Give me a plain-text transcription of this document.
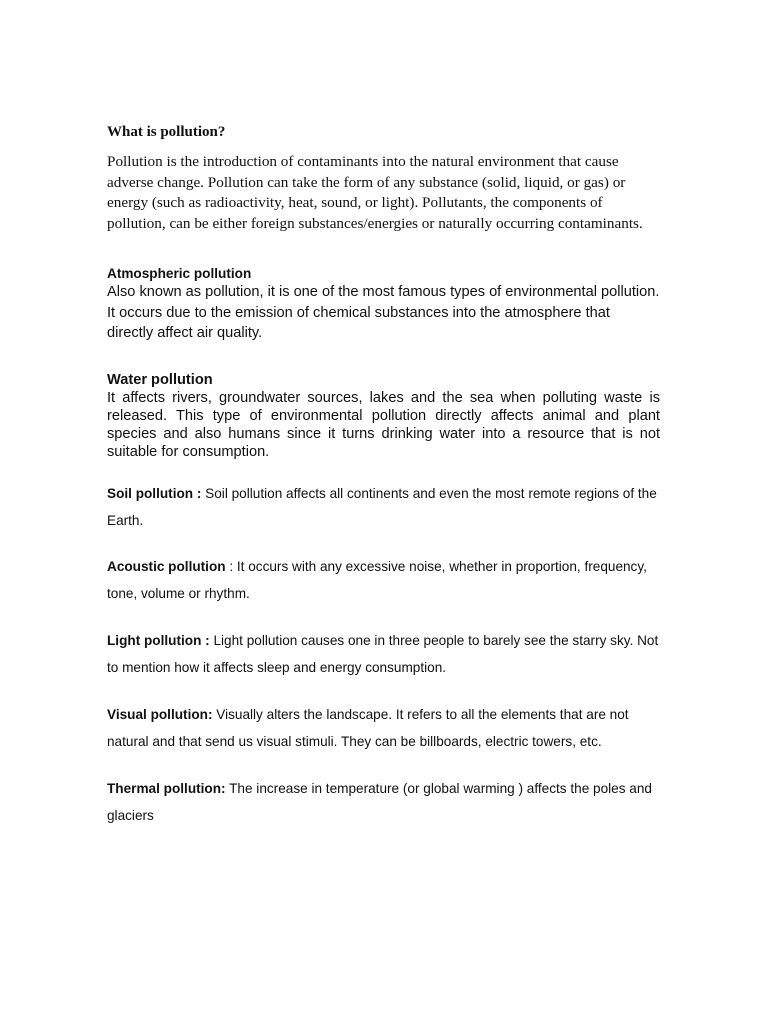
What is pollution?

Pollution is the introduction of contaminants into the natural environment that cause adverse change. Pollution can take the form of any substance (solid, liquid, or gas) or energy (such as radioactivity, heat, sound, or light). Pollutants, the components of pollution, can be either foreign substances/energies or naturally occurring contaminants.

Atmospheric pollution

Also known as pollution, it is one of the most famous types of environmental pollution. It occurs due to the emission of chemical substances into the atmosphere that directly affect air quality.

Water pollution

It affects rivers, groundwater sources, lakes and the sea when polluting waste is released. This type of environmental pollution directly affects animal and plant species and also humans since it turns drinking water into a resource that is not suitable for consumption.

Soil pollution : Soil pollution affects all continents and even the most remote regions of the Earth.

Acoustic pollution : It occurs with any excessive noise, whether in proportion, frequency, tone, volume or rhythm.

Light pollution : Light pollution causes one in three people to barely see the starry sky. Not to mention how it affects sleep and energy consumption.

Visual pollution: Visually alters the landscape. It refers to all the elements that are not natural and that send us visual stimuli. They can be billboards, electric towers, etc.

Thermal pollution: The increase in temperature (or global warming ) affects the poles and glaciers
